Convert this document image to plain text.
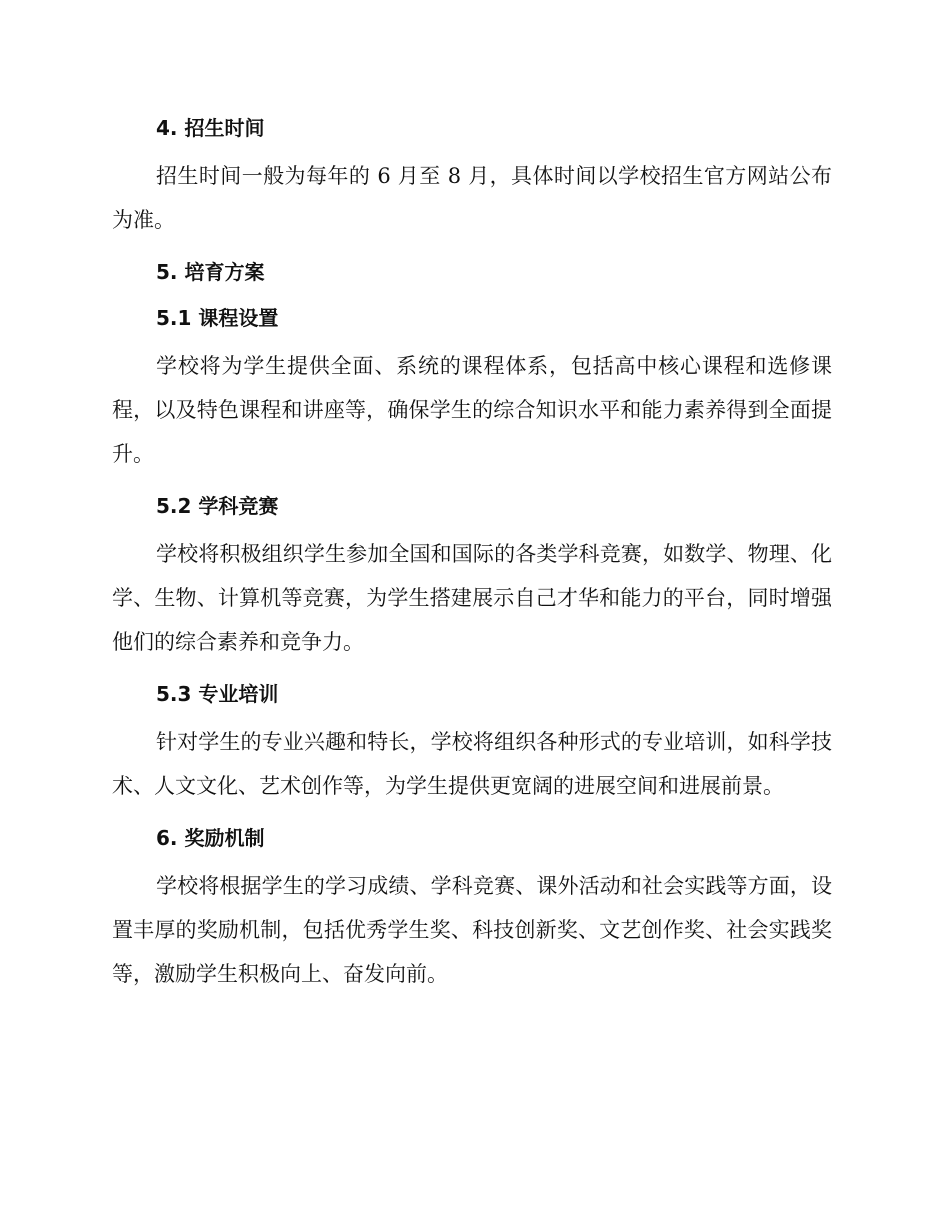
4. 招生时间

招生时间一般为每年的 6 月至 8 月，具体时间以学校招生官方网站公布为准。

5. 培育方案
5.1 课程设置

学校将为学生提供全面、系统的课程体系，包括高中核心课程和选修课程，以及特色课程和讲座等，确保学生的综合知识水平和能力素养得到全面提升。

5.2 学科竞赛

学校将积极组织学生参加全国和国际的各类学科竞赛，如数学、物理、化学、生物、计算机等竞赛，为学生搭建展示自己才华和能力的平台，同时增强他们的综合素养和竞争力。

5.3 专业培训

针对学生的专业兴趣和特长，学校将组织各种形式的专业培训，如科学技术、人文文化、艺术创作等，为学生提供更宽阔的进展空间和进展前景。

6. 奖励机制

学校将根据学生的学习成绩、学科竞赛、课外活动和社会实践等方面，设置丰厚的奖励机制，包括优秀学生奖、科技创新奖、文艺创作奖、社会实践奖等，激励学生积极向上、奋发向前。
